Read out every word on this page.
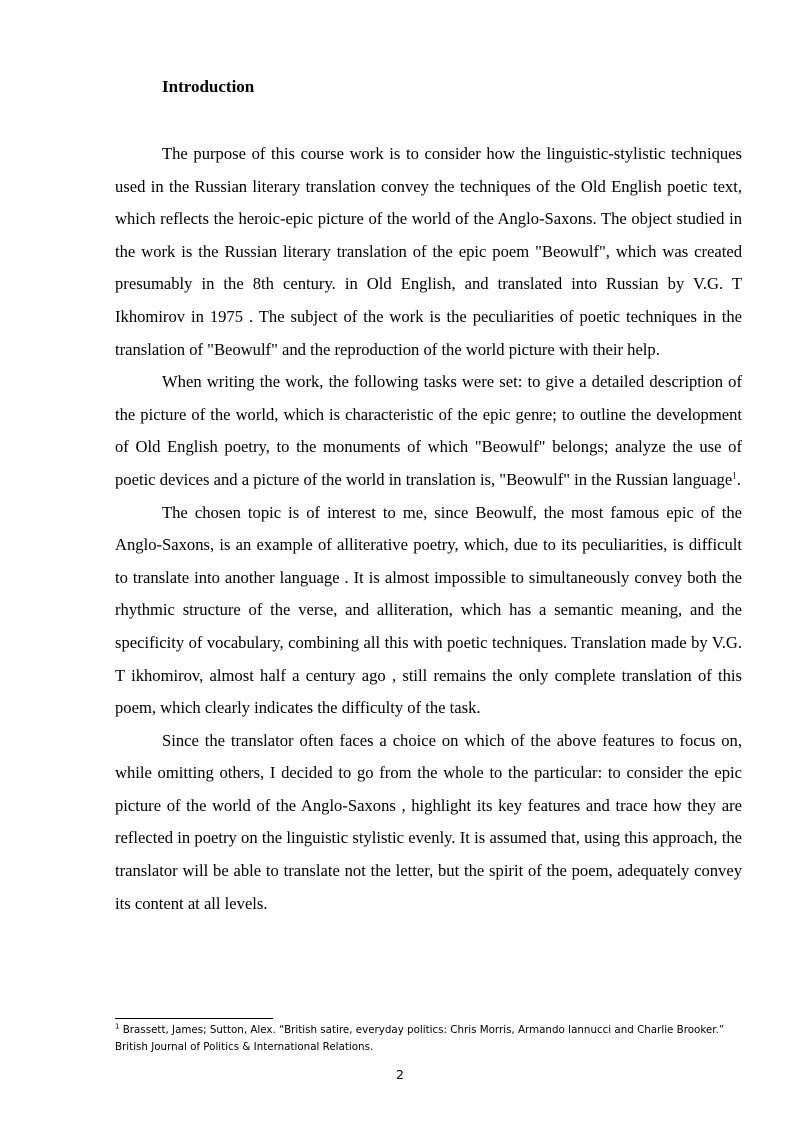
Introduction

The purpose of this course work is to consider how the linguistic-stylistic techniques used in the Russian literary translation convey the techniques of the Old English poetic text, which reflects the heroic-epic picture of the world of the Anglo-Saxons. The object studied in the work is the Russian literary translation of the epic poem "Beowulf", which was created presumably in the 8th century. in Old English, and translated into Russian by V.G. T Ikhomirov in 1975 . The subject of the work is the peculiarities of poetic techniques in the translation of "Beowulf" and the reproduction of the world picture with their help.

When writing the work, the following tasks were set: to give a detailed description of the picture of the world, which is characteristic of the epic genre; to outline the development of Old English poetry, to the monuments of which "Beowulf" belongs; analyze the use of poetic devices and a picture of the world in translation is, "Beowulf" in the Russian language$^1$.

The chosen topic is of interest to me, since Beowulf, the most famous epic of the Anglo-Saxons, is an example of alliterative poetry, which, due to its peculiarities, is difficult to translate into another language . It is almost impossible to simultaneously convey both the rhythmic structure of the verse, and alliteration, which has a semantic meaning, and the specificity of vocabulary, combining all this with poetic techniques. Translation made by V.G. T ikhomirov, almost half a century ago , still remains the only complete translation of this poem, which clearly indicates the difficulty of the task.

Since the translator often faces a choice on which of the above features to focus on, while omitting others, I decided to go from the whole to the particular: to consider the epic picture of the world of the Anglo-Saxons , highlight its key features and trace how they are reflected in poetry on the linguistic stylistic evenly. It is assumed that, using this approach, the translator will be able to translate not the letter, but the spirit of the poem, adequately convey its content at all levels.

$^1$ Brassett, James; Sutton, Alex. “British satire, everyday politics: Chris Morris, Armando Iannucci and Charlie Brooker.” British Journal of Politics & International Relations.
2
